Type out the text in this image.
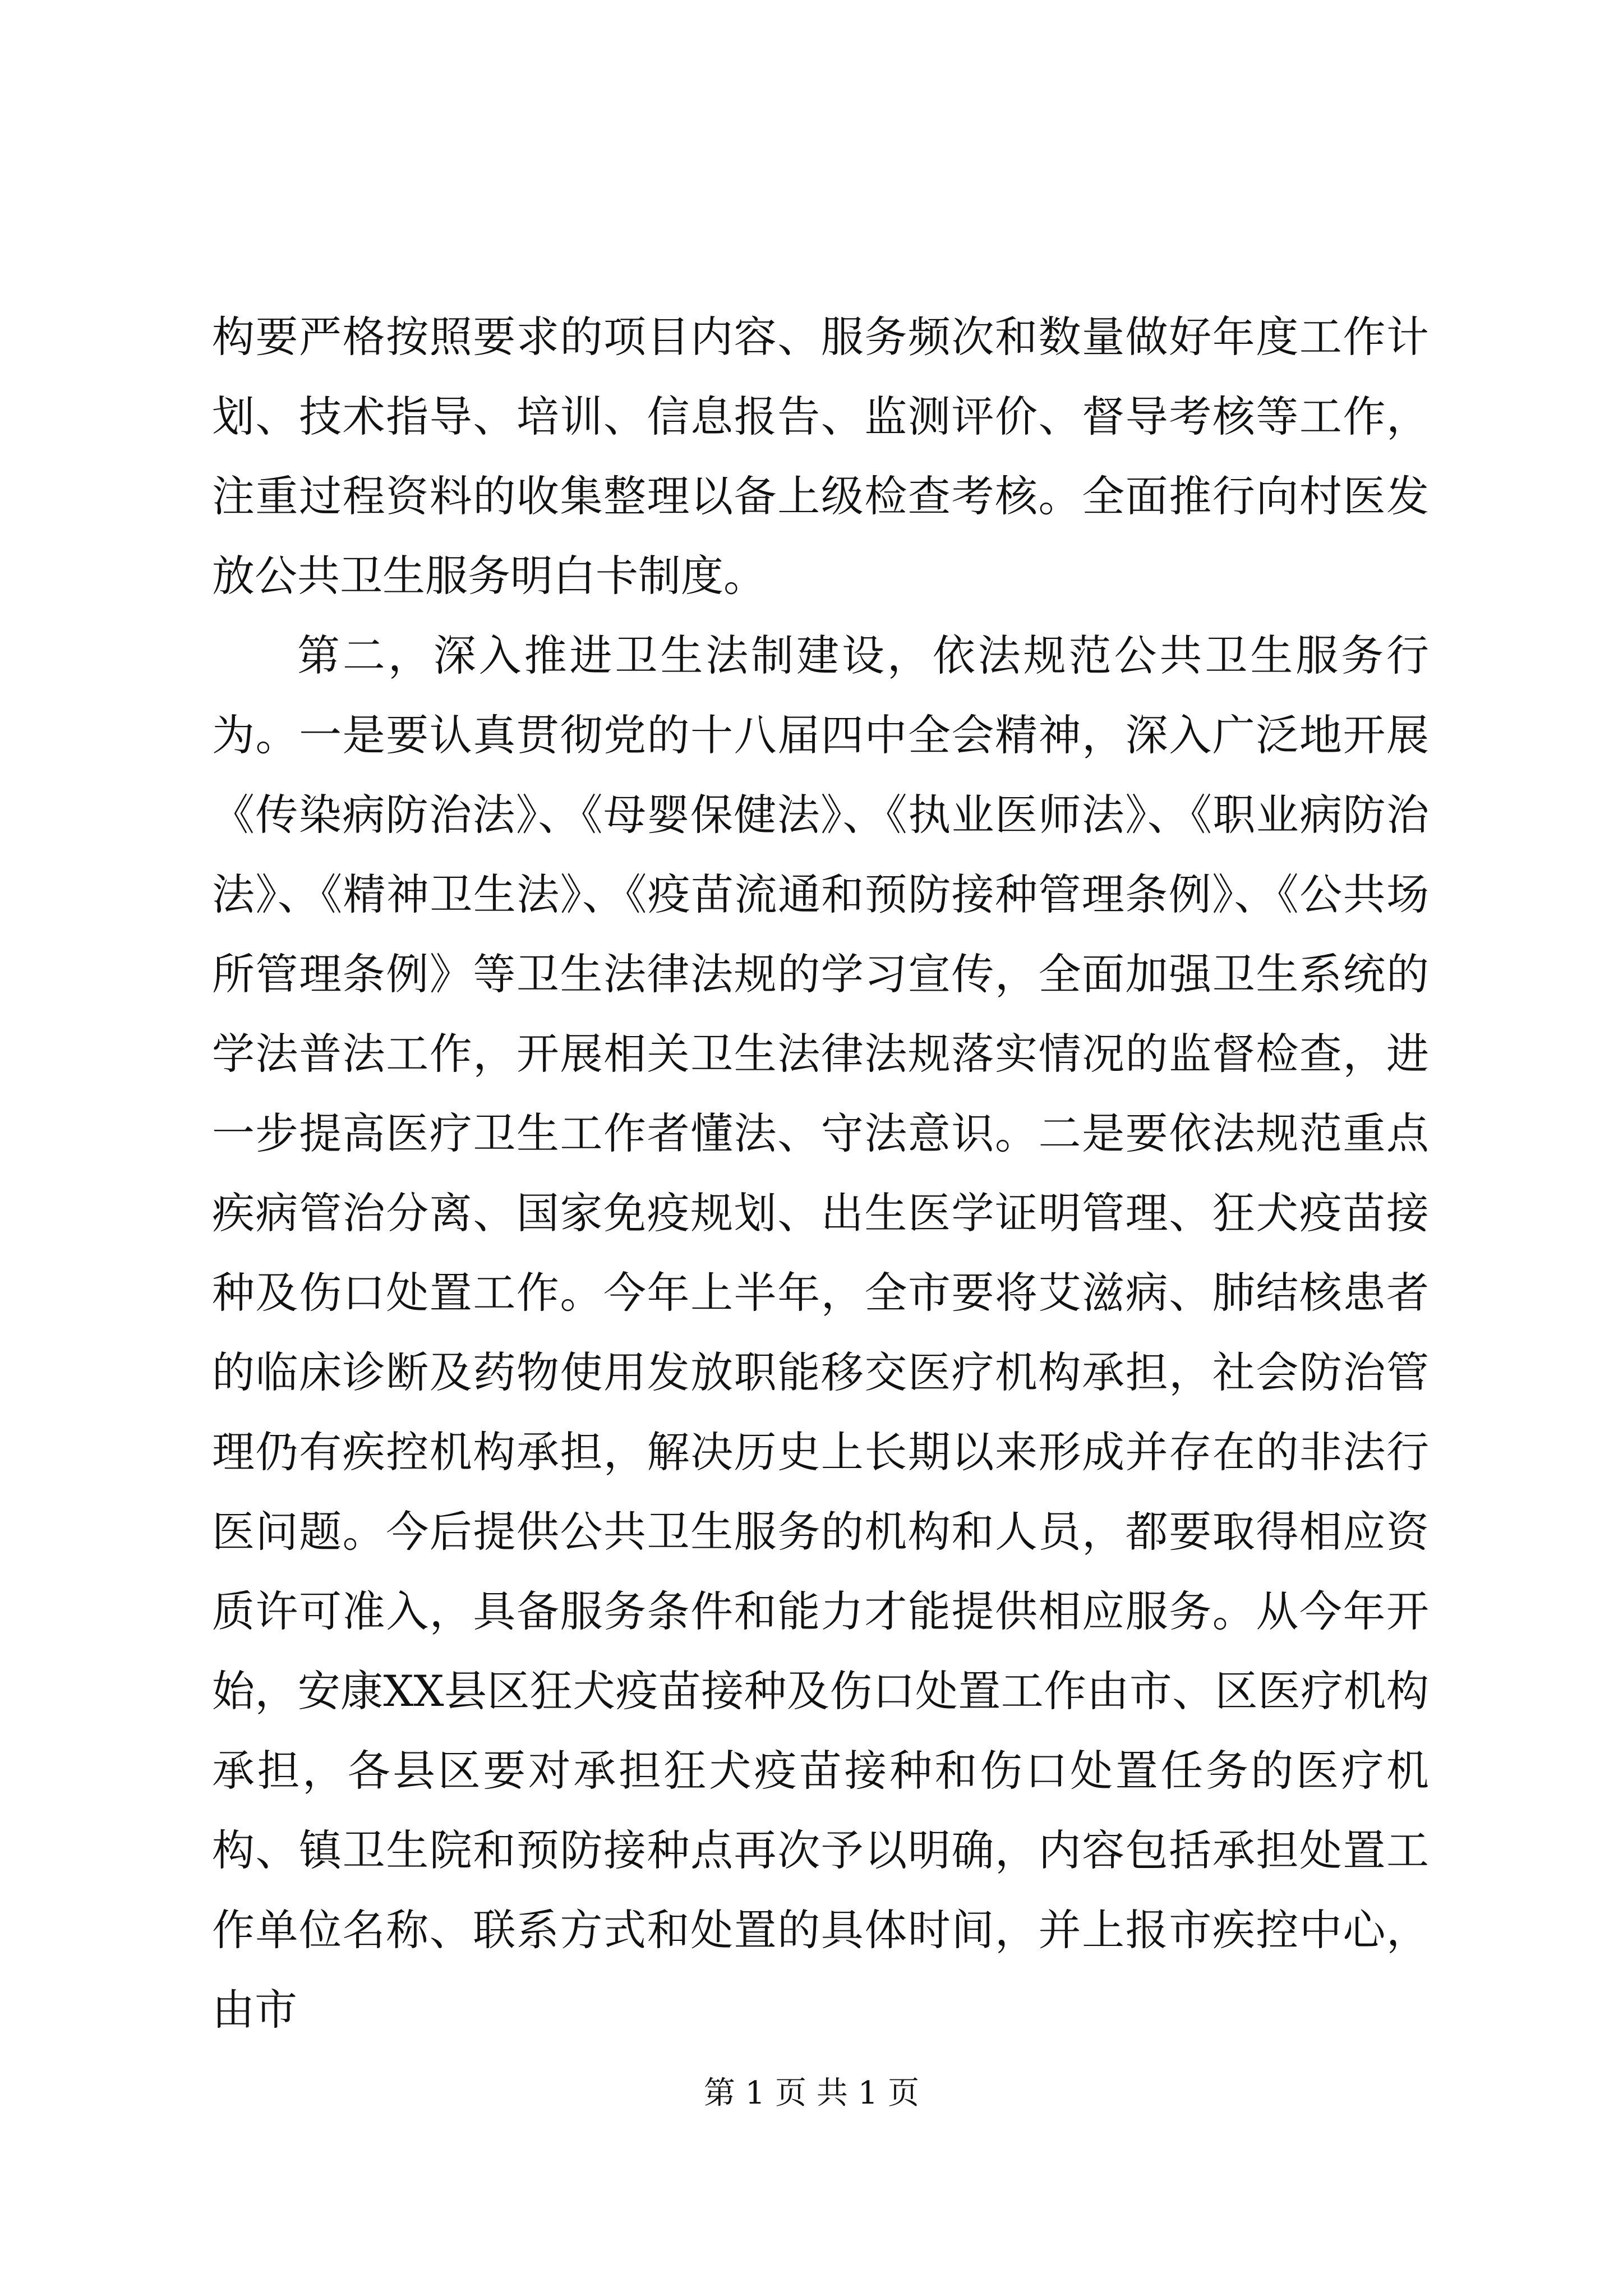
构要严格按照要求的项目内容、服务频次和数量做好年度工作计划、技术指导、培训、信息报告、监测评价、督导考核等工作，注重过程资料的收集整理以备上级检查考核。全面推行向村医发放公共卫生服务明白卡制度。

第二，深入推进卫生法制建设，依法规范公共卫生服务行为。一是要认真贯彻党的十八届四中全会精神，深入广泛地开展《传染病防治法》、《母婴保健法》、《执业医师法》、《职业病防治法》、《精神卫生法》、《疫苗流通和预防接种管理条例》、《公共场所管理条例》等卫生法律法规的学习宣传，全面加强卫生系统的学法普法工作，开展相关卫生法律法规落实情况的监督检查，进一步提高医疗卫生工作者懂法、守法意识。二是要依法规范重点疾病管治分离、国家免疫规划、出生医学证明管理、狂犬疫苗接种及伤口处置工作。今年上半年，全市要将艾滋病、肺结核患者的临床诊断及药物使用发放职能移交医疗机构承担，社会防治管理仍有疾控机构承担，解决历史上长期以来形成并存在的非法行医问题。今后提供公共卫生服务的机构和人员，都要取得相应资质许可准入，具备服务条件和能力才能提供相应服务。从今年开始，安康XX县区狂犬疫苗接种及伤口处置工作由市、区医疗机构承担，各县区要对承担狂犬疫苗接种和伤口处置任务的医疗机构、镇卫生院和预防接种点再次予以明确，内容包括承担处置工作单位名称、联系方式和处置的具体时间，并上报市疾控中心，由市

第 1 页 共 1 页
